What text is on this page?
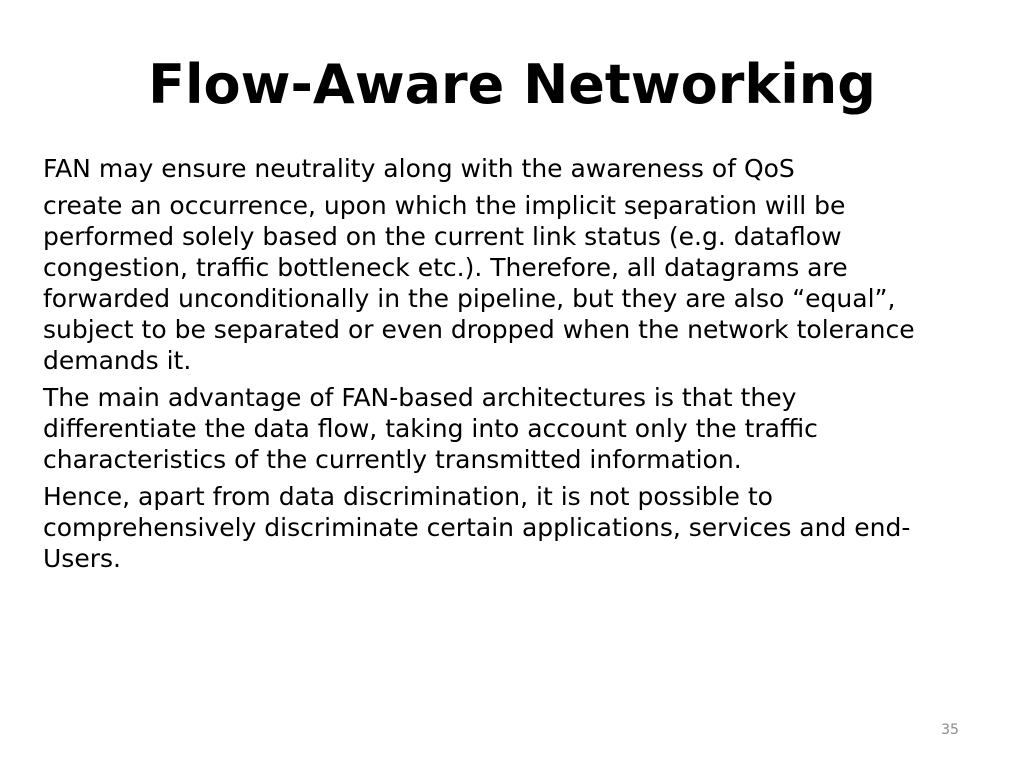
Flow-Aware Networking
FAN may ensure neutrality along with the awareness of QoS
create an occurrence, upon which the implicit separation will be performed solely based on the current link status (e.g. dataflow congestion, traffic bottleneck etc.). Therefore, all datagrams are forwarded unconditionally in the pipeline, but they are also “equal”, subject to be separated or even dropped when the network tolerance demands it.
The main advantage of FAN-based architectures is that they differentiate the data flow, taking into account only the traffic characteristics of the currently transmitted information.
Hence, apart from data discrimination, it is not possible to comprehensively discriminate certain applications, services and end-Users.
35
